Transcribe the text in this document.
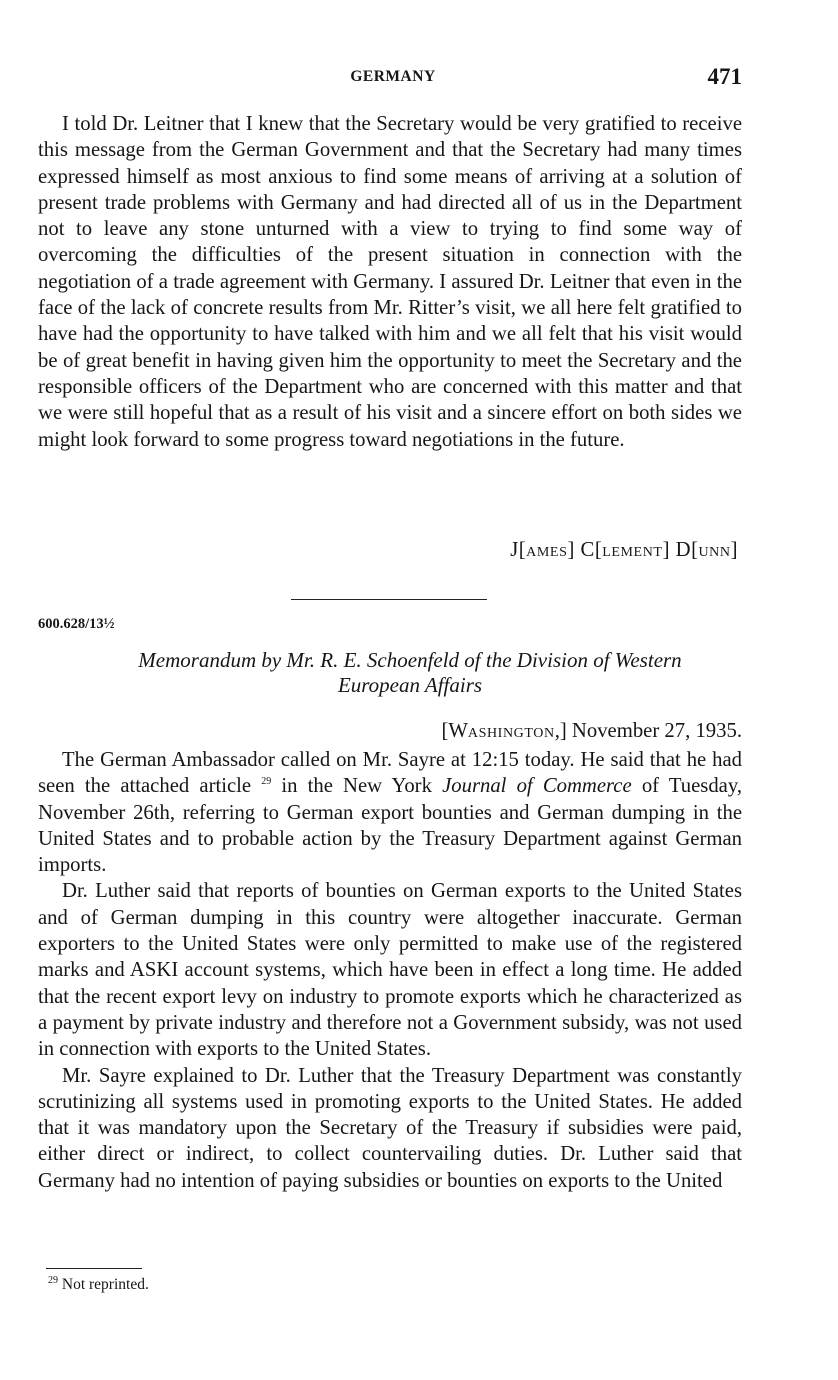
GERMANY	471

I told Dr. Leitner that I knew that the Secretary would be very gratified to receive this message from the German Government and that the Secretary had many times expressed himself as most anxious to find some means of arriving at a solution of present trade problems with Germany and had directed all of us in the Department not to leave any stone unturned with a view to trying to find some way of overcoming the difficulties of the present situation in connection with the negotiation of a trade agreement with Germany. I assured Dr. Leitner that even in the face of the lack of concrete results from Mr. Ritter’s visit, we all here felt gratified to have had the opportunity to have talked with him and we all felt that his visit would be of great benefit in having given him the opportunity to meet the Secretary and the responsible officers of the Department who are concerned with this matter and that we were still hopeful that as a result of his visit and a sincere effort on both sides we might look forward to some progress toward negotiations in the future.

J[AMES] C[LEMENT] D[UNN]
600.628/13½
Memorandum by Mr. R. E. Schoenfeld of the Division of Western
European Affairs
[WASHINGTON,] November 27, 1935.

The German Ambassador called on Mr. Sayre at 12:15 today. He said that he had seen the attached article $^{29}$ in the New York Journal of Commerce of Tuesday, November 26th, referring to German export bounties and German dumping in the United States and to probable action by the Treasury Department against German imports.

Dr. Luther said that reports of bounties on German exports to the United States and of German dumping in this country were altogether inaccurate. German exporters to the United States were only permitted to make use of the registered marks and ASKI account systems, which have been in effect a long time. He added that the recent export levy on industry to promote exports which he characterized as a payment by private industry and therefore not a Government subsidy, was not used in connection with exports to the United States.

Mr. Sayre explained to Dr. Luther that the Treasury Department was constantly scrutinizing all systems used in promoting exports to the United States. He added that it was mandatory upon the Secretary of the Treasury if subsidies were paid, either direct or indirect, to collect countervailing duties. Dr. Luther said that Germany had no intention of paying subsidies or bounties on exports to the United

$^{29}$ Not reprinted.
